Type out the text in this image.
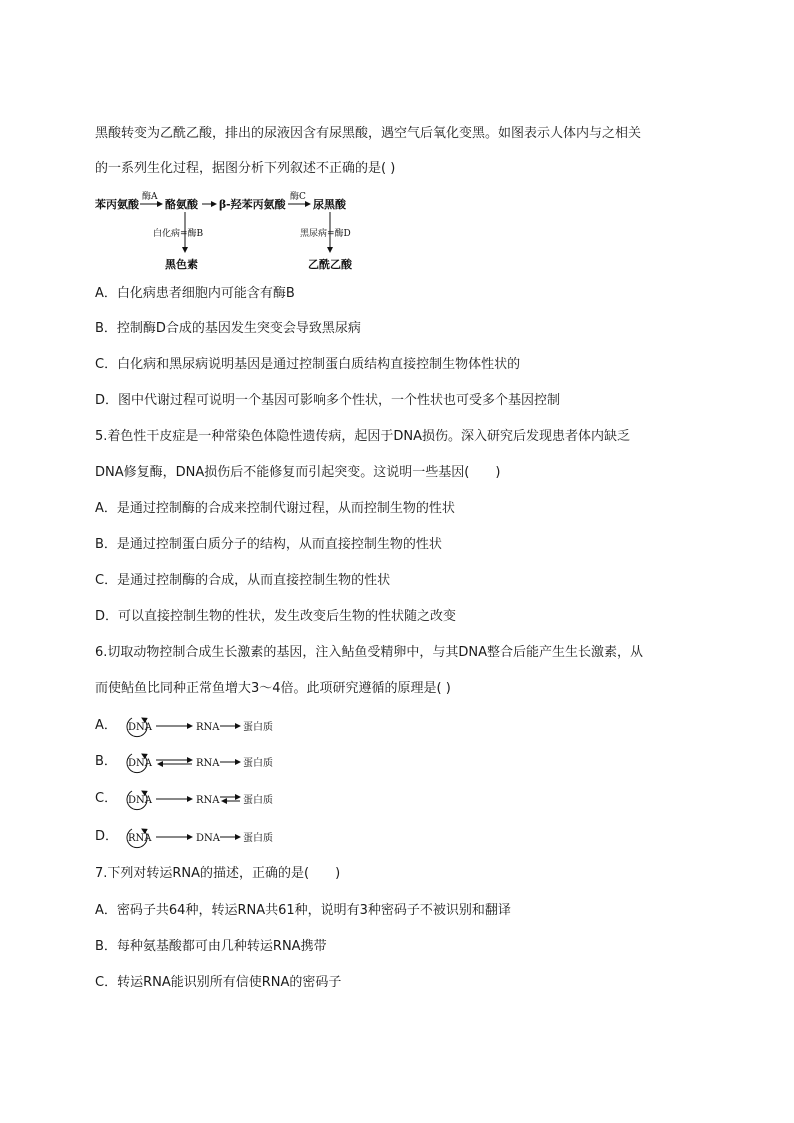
黑酸转变为乙酰乙酸，排出的尿液因含有尿黑酸，遇空气后氧化变黑。如图表示人体内与之相关
的一系列生化过程，据图分析下列叙述不正确的是( )
苯丙氨酸
酶A
酪氨酸 β -羟苯丙氨酸
酶C
尿黑酸
白化病=酶B
黑色素
黑尿病=酶D
乙酰乙酸
A．白化病患者细胞内可能含有酶B
B．控制酶D合成的基因发生突变会导致黑尿病
C．白化病和黑尿病说明基因是通过控制蛋白质结构直接控制生物体性状的
D．图中代谢过程可说明一个基因可影响多个性状，一个性状也可受多个基因控制
5.着色性干皮症是一种常染色体隐性遗传病，起因于DNA损伤。深入研究后发现患者体内缺乏
DNA修复酶，DNA损伤后不能修复而引起突变。这说明一些基因(　　)
A．是通过控制酶的合成来控制代谢过程，从而控制生物的性状
B．是通过控制蛋白质分子的结构，从而直接控制生物的性状
C．是通过控制酶的合成，从而直接控制生物的性状
D．可以直接控制生物的性状，发生改变后生物的性状随之改变
6.切取动物控制合成生长激素的基因，注入鲇鱼受精卵中，与其DNA整合后能产生生长激素，从
而使鲇鱼比同种正常鱼增大3～4倍。此项研究遵循的原理是( )
A． DNA	RNA 蛋白质
B． DNA	RNA 蛋白质
C． DNA	RNA 蛋白质
D． RNA	DNA 蛋白质
7.下列对转运RNA的描述，正确的是(　　)
A．密码子共64种，转运RNA共61种，说明有3种密码子不被识别和翻译
B．每种氨基酸都可由几种转运RNA携带
C．转运RNA能识别所有信使RNA的密码子
